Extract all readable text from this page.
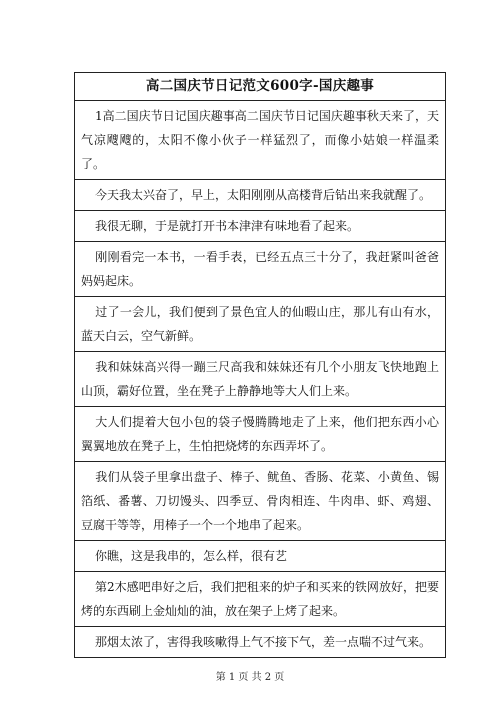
高二国庆节日记范文600字-国庆趣事
1高二国庆节日记国庆趣事高二国庆节日记国庆趣事秋天来了，天气凉飕飕的，太阳不像小伙子一样猛烈了，而像小姑娘一样温柔了。
今天我太兴奋了，早上，太阳刚刚从高楼背后钻出来我就醒了。
我很无聊，于是就打开书本津津有味地看了起来。
刚刚看完一本书，一看手表，已经五点三十分了，我赶紧叫爸爸妈妈起床。
过了一会儿，我们便到了景色宜人的仙暇山庄，那儿有山有水，蓝天白云，空气新鲜。
我和妹妹高兴得一蹦三尺高我和妹妹还有几个小朋友飞快地跑上山顶，霸好位置，坐在凳子上静静地等大人们上来。
大人们提着大包小包的袋子慢腾腾地走了上来，他们把东西小心翼翼地放在凳子上，生怕把烧烤的东西弄坏了。
我们从袋子里拿出盘子、棒子、鱿鱼、香肠、花菜、小黄鱼、锡箔纸、番薯、刀切馒头、四季豆、骨肉相连、牛肉串、虾、鸡翅、豆腐干等等，用棒子一个一个地串了起来。
你瞧，这是我串的，怎么样，很有艺
第2木感吧串好之后，我们把租来的炉子和买来的铁网放好，把要烤的东西刷上金灿灿的油，放在架子上烤了起来。
那烟太浓了，害得我咳嗽得上气不接下气，差一点喘不过气来。
第 1 页 共 2 页
